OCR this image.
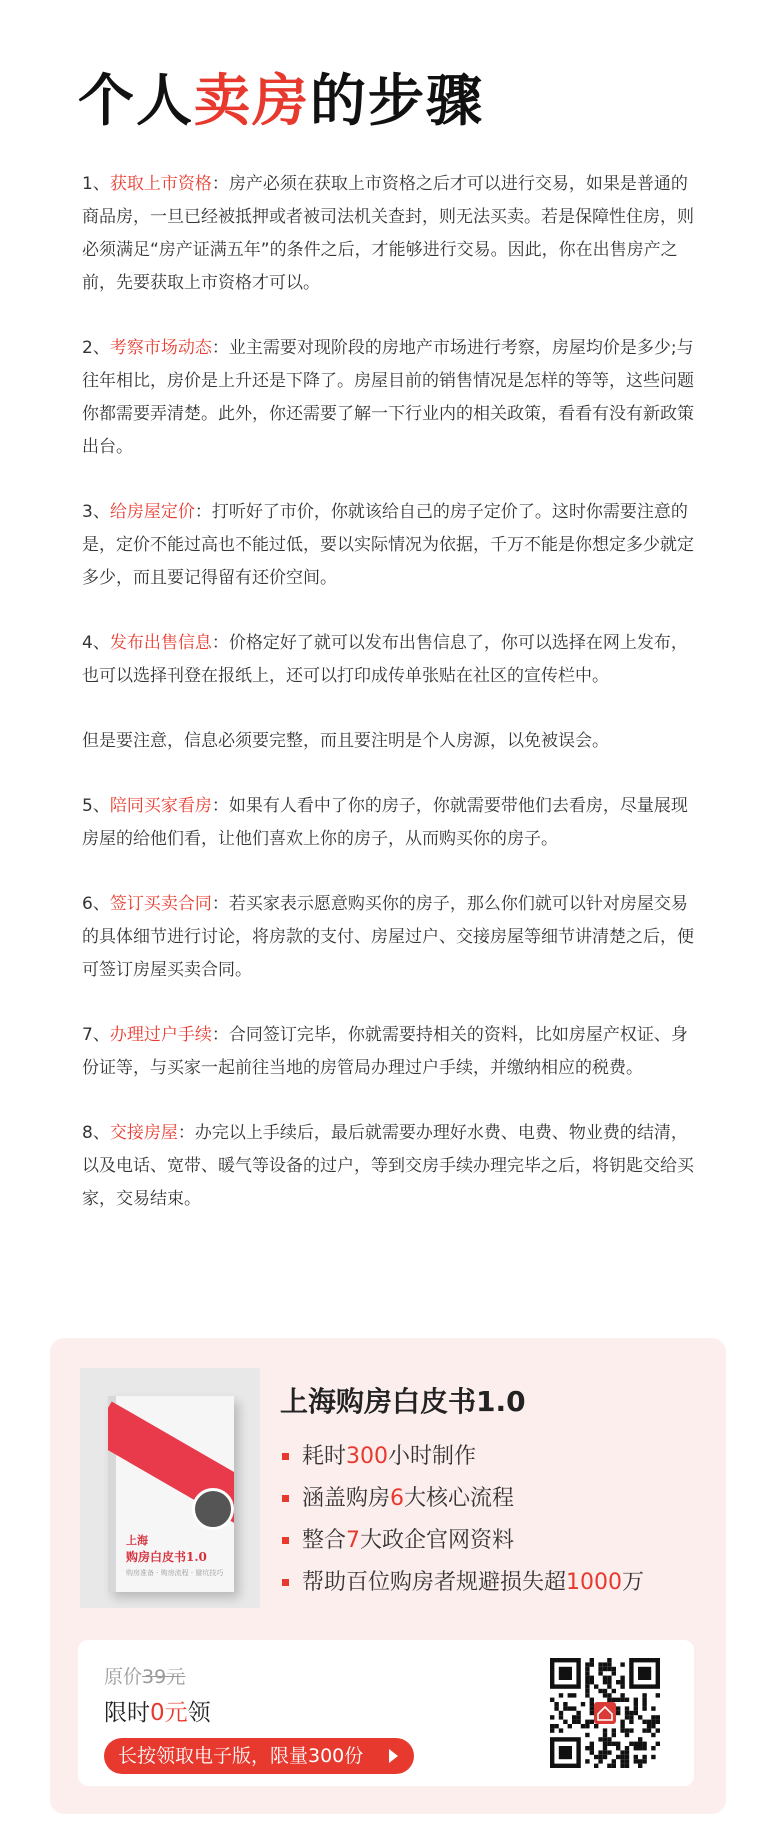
个人卖房的步骤

1、获取上市资格：房产必须在获取上市资格之后才可以进行交易，如果是普通的商品房，一旦已经被抵押或者被司法机关查封，则无法买卖。若是保障性住房，则必须满足“房产证满五年”的条件之后，才能够进行交易。因此，你在出售房产之前，先要获取上市资格才可以。

2、考察市场动态：业主需要对现阶段的房地产市场进行考察，房屋均价是多少;与往年相比，房价是上升还是下降了。房屋目前的销售情况是怎样的等等，这些问题你都需要弄清楚。此外，你还需要了解一下行业内的相关政策，看看有没有新政策出台。

3、给房屋定价：打听好了市价，你就该给自己的房子定价了。这时你需要注意的是，定价不能过高也不能过低，要以实际情况为依据，千万不能是你想定多少就定多少，而且要记得留有还价空间。

4、发布出售信息：价格定好了就可以发布出售信息了，你可以选择在网上发布，也可以选择刊登在报纸上，还可以打印成传单张贴在社区的宣传栏中。

但是要注意，信息必须要完整，而且要注明是个人房源，以免被误会。

5、陪同买家看房：如果有人看中了你的房子，你就需要带他们去看房，尽量展现房屋的给他们看，让他们喜欢上你的房子，从而购买你的房子。

6、签订买卖合同：若买家表示愿意购买你的房子，那么你们就可以针对房屋交易的具体细节进行讨论，将房款的支付、房屋过户、交接房屋等细节讲清楚之后，便可签订房屋买卖合同。

7、办理过户手续：合同签订完毕，你就需要持相关的资料，比如房屋产权证、身份证等，与买家一起前往当地的房管局办理过户手续，并缴纳相应的税费。

8、交接房屋：办完以上手续后，最后就需要办理好水费、电费、物业费的结清，以及电话、宽带、暖气等设备的过户，等到交房手续办理完毕之后，将钥匙交给买家，交易结束。

上海
购房白皮书1.0
购房准备 · 购房流程 · 避坑技巧
上海购房白皮书1.0
耗时300小时制作
涵盖购房6大核心流程
整合7大政企官网资料
帮助百位购房者规避损失超1000万
原价39元
限时0元领
长按领取电子版，限量300份
